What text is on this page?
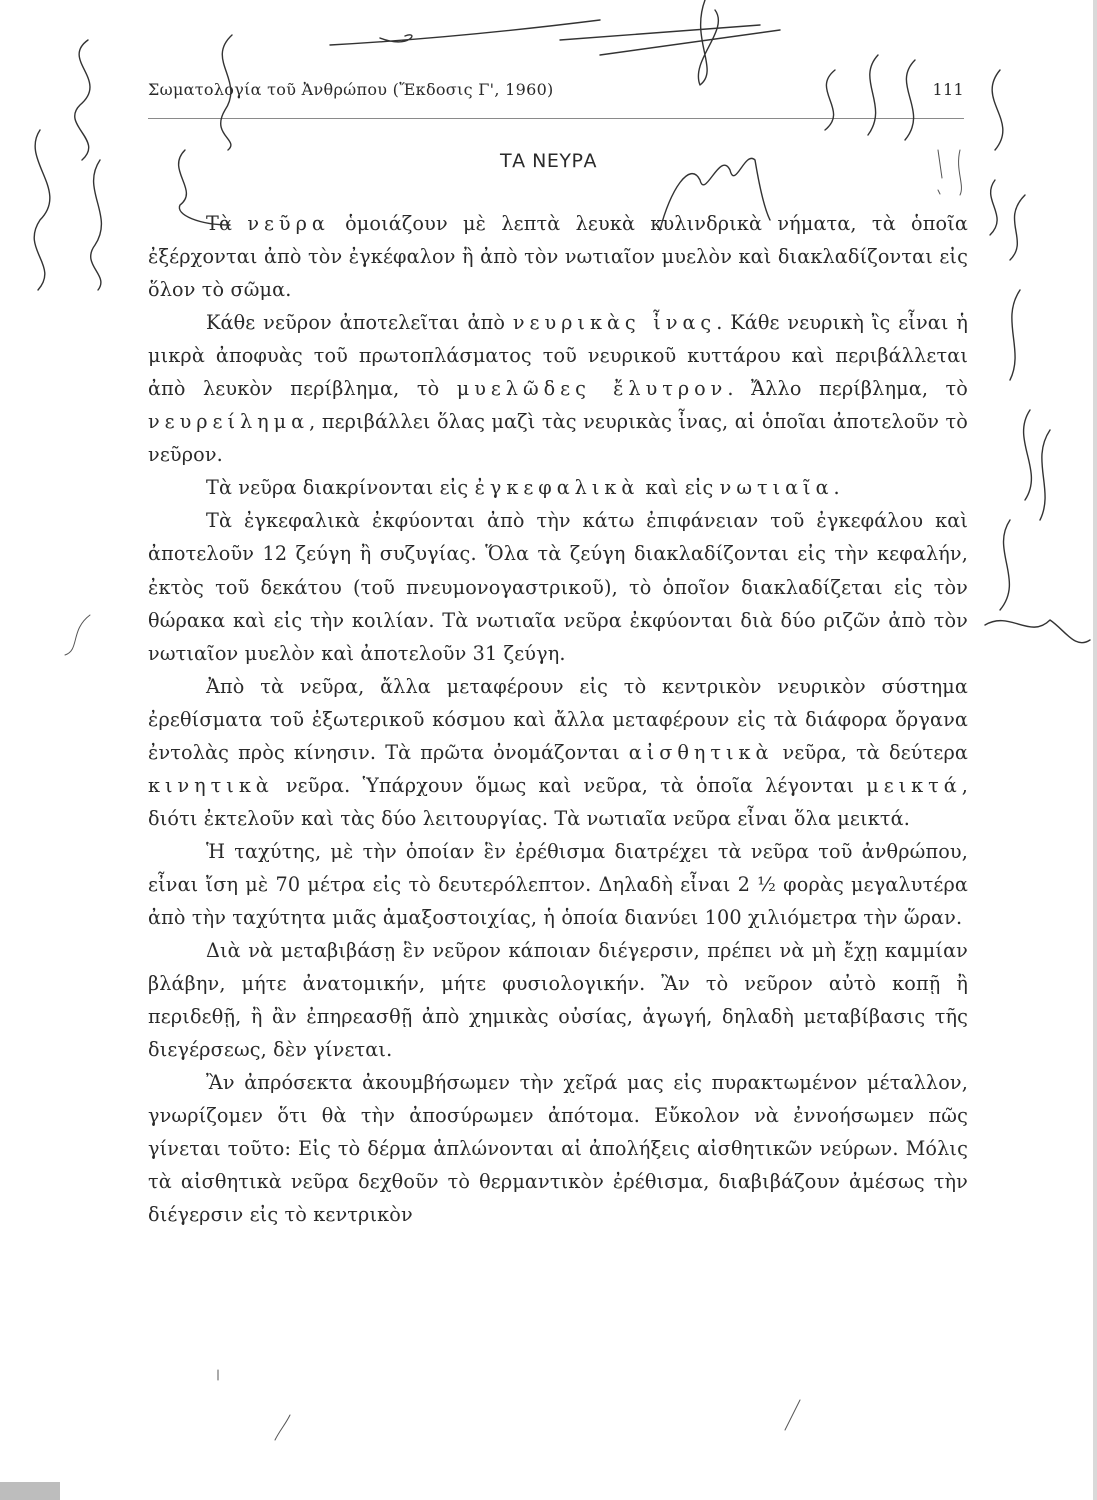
Σωματολογία τοῦ Ἀνθρώπου (Ἔκδοσις Γ', 1960)	111
ΤΑ ΝΕΥΡΑ

Τὰ νεῦρα ὁμοιάζουν μὲ λεπτὰ λευκὰ κυλινδρικὰ νήματα, τὰ ὁποῖα ἐξέρχονται ἀπὸ τὸν ἐγκέφαλον ἢ ἀπὸ τὸν νωτιαῖον μυελὸν καὶ διακλαδίζονται εἰς ὅλον τὸ σῶμα.

Κάθε νεῦρον ἀποτελεῖται ἀπὸ νευρικὰς ἶνας. Κάθε νευρικὴ ἲς εἶναι ἡ μικρὰ ἀποφυὰς τοῦ πρωτοπλάσματος τοῦ νευρικοῦ κυττάρου καὶ περιβάλλεται ἀπὸ λευκὸν περίβλημα, τὸ μυελῶδες ἔλυτρον. Ἄλλο περίβλημα, τὸ νευρείλημα, περιβάλλει ὅλας μαζὶ τὰς νευρικὰς ἶνας, αἱ ὁποῖαι ἀποτελοῦν τὸ νεῦρον.

Τὰ νεῦρα διακρίνονται εἰς ἐγκεφαλικὰ καὶ εἰς νωτιαῖα.

Τὰ ἐγκεφαλικὰ ἐκφύονται ἀπὸ τὴν κάτω ἐπιφάνειαν τοῦ ἐγκεφάλου καὶ ἀποτελοῦν 12 ζεύγη ἢ συζυγίας. Ὅλα τὰ ζεύγη διακλαδίζονται εἰς τὴν κεφαλήν, ἐκτὸς τοῦ δεκάτου (τοῦ πνευμονογαστρικοῦ), τὸ ὁποῖον διακλαδίζεται εἰς τὸν θώρακα καὶ εἰς τὴν κοιλίαν. Τὰ νωτιαῖα νεῦρα ἐκφύονται διὰ δύο ριζῶν ἀπὸ τὸν νωτιαῖον μυελὸν καὶ ἀποτελοῦν 31 ζεύγη.

Ἀπὸ τὰ νεῦρα, ἄλλα μεταφέρουν εἰς τὸ κεντρικὸν νευρικὸν σύστημα ἐρεθίσματα τοῦ ἐξωτερικοῦ κόσμου καὶ ἄλλα μεταφέρουν εἰς τὰ διάφορα ὄργανα ἐντολὰς πρὸς κίνησιν. Τὰ πρῶτα ὀνομάζονται αἰσθητικὰ νεῦρα, τὰ δεύτερα κινητικὰ νεῦρα. Ὑπάρχουν ὅμως καὶ νεῦρα, τὰ ὁποῖα λέγονται μεικτά, διότι ἐκτελοῦν καὶ τὰς δύο λειτουργίας. Τὰ νωτιαῖα νεῦρα εἶναι ὅλα μεικτά.

Ἡ ταχύτης, μὲ τὴν ὁποίαν ἓν ἐρέθισμα διατρέχει τὰ νεῦρα τοῦ ἀνθρώπου, εἶναι ἴση μὲ 70 μέτρα εἰς τὸ δευτερόλεπτον. Δηλαδὴ εἶναι 2 ½ φορὰς μεγαλυτέρα ἀπὸ τὴν ταχύτητα μιᾶς ἁμαξοστοιχίας, ἡ ὁποία διανύει 100 χιλιόμετρα τὴν ὥραν.

Διὰ νὰ μεταβιβάσῃ ἓν νεῦρον κάποιαν διέγερσιν, πρέπει νὰ μὴ ἔχῃ καμμίαν βλάβην, μήτε ἀνατομικήν, μήτε φυσιολογικήν. Ἂν τὸ νεῦρον αὐτὸ κοπῇ ἢ περιδεθῇ, ἢ ἂν ἐπηρεασθῇ ἀπὸ χημικὰς οὐσίας, ἀγωγή, δηλαδὴ μεταβίβασις τῆς διεγέρσεως, δὲν γίνεται.

Ἂν ἀπρόσεκτα ἀκουμβήσωμεν τὴν χεῖρά μας εἰς πυρακτωμένον μέταλλον, γνωρίζομεν ὅτι θὰ τὴν ἀποσύρωμεν ἀπότομα. Εὔκολον νὰ ἐννοήσωμεν πῶς γίνεται τοῦτο: Εἰς τὸ δέρμα ἁπλώνονται αἱ ἀπολήξεις αἰσθητικῶν νεύρων. Μόλις τὰ αἰσθητικὰ νεῦρα δεχθοῦν τὸ θερμαντικὸν ἐρέθισμα, διαβιβάζουν ἀμέσως τὴν διέγερσιν εἰς τὸ κεντρικὸν
